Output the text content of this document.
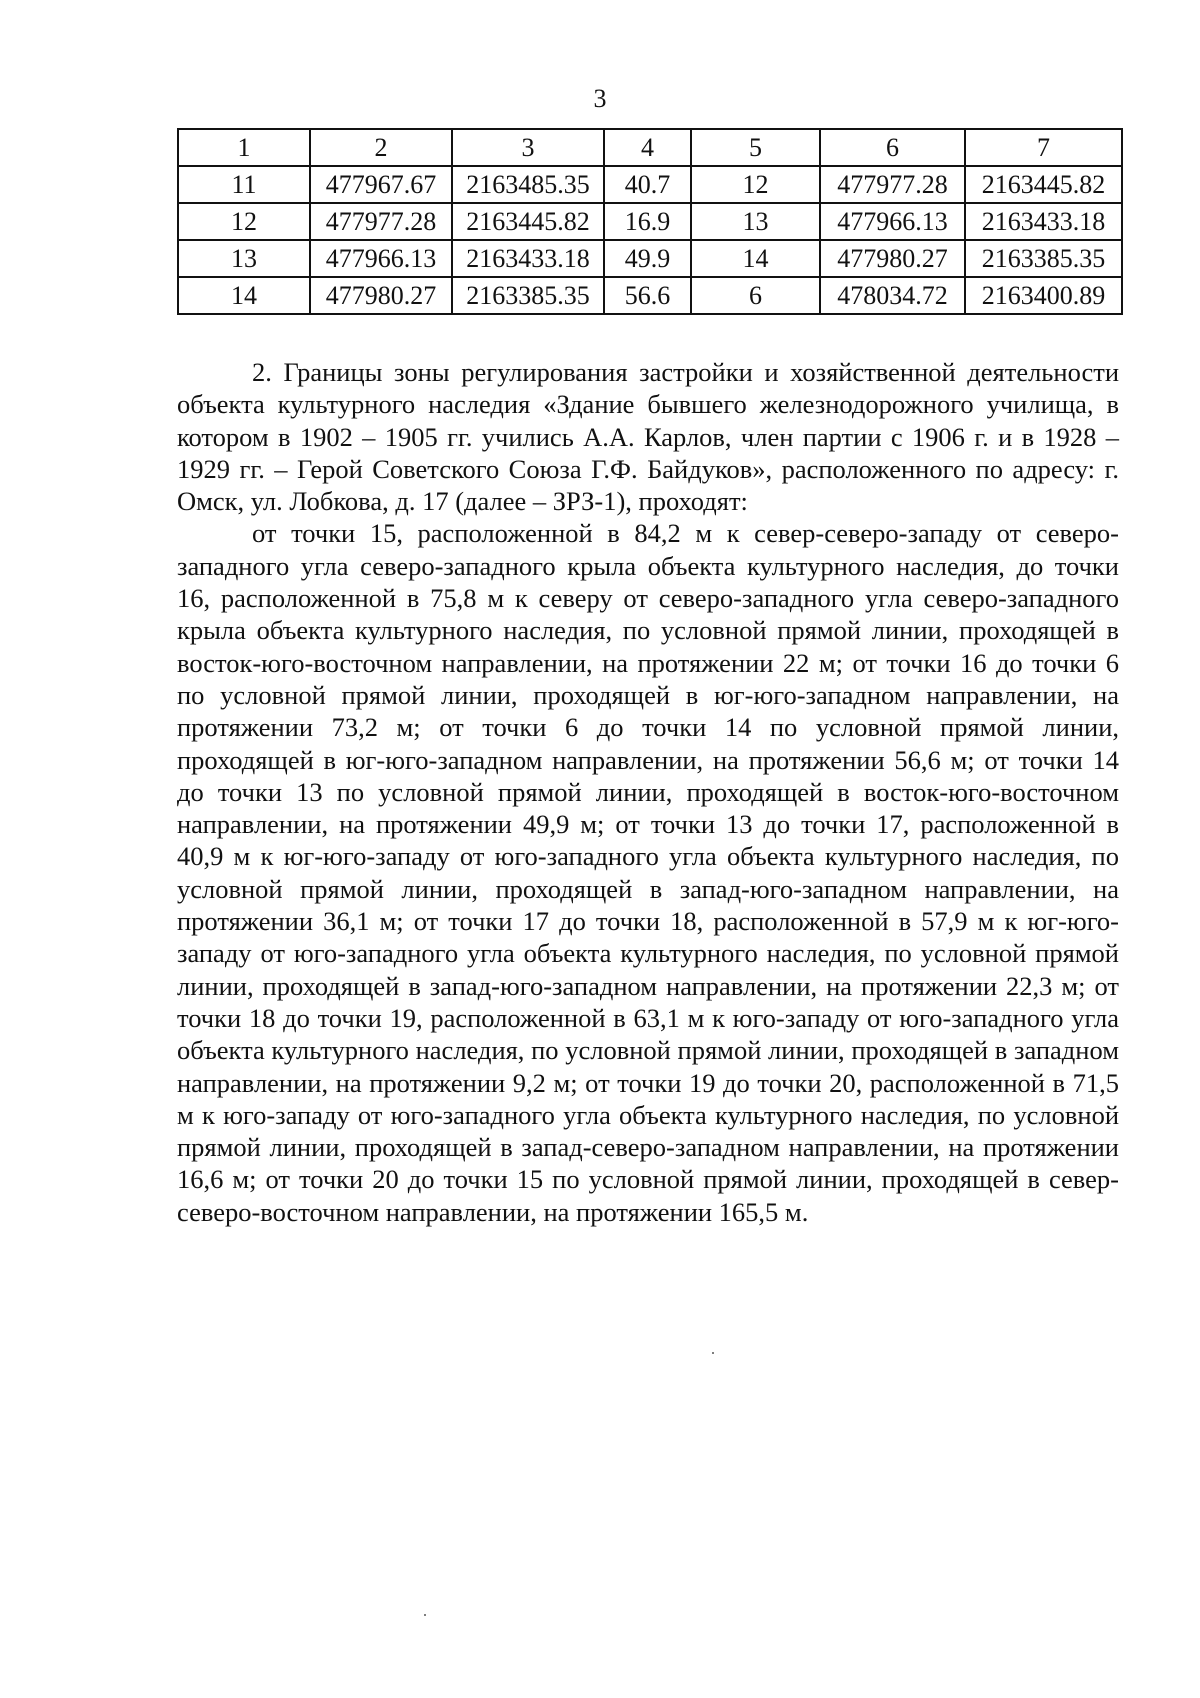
3
1	2	3	4	5	6	7
11	477967.67	2163485.35	40.7	12	477977.28	2163445.82
12	477977.28	2163445.82	16.9	13	477966.13	2163433.18
13	477966.13	2163433.18	49.9	14	477980.27	2163385.35
14	477980.27	2163385.35	56.6	6	478034.72	2163400.89

2. Границы зоны регулирования застройки и хозяйственной деятельности объекта культурного наследия «Здание бывшего железнодорожного училища, в котором в 1902 – 1905 гг. учились А.А. Карлов, член партии с 1906 г. и в 1928 – 1929 гг. – Герой Советского Союза Г.Ф. Байдуков», расположенного по адресу: г. Омск, ул. Лобкова, д. 17 (далее – ЗРЗ-1), проходят:

от точки 15, расположенной в 84,2 м к север-северо-западу от северо-западного угла северо-западного крыла объекта культурного наследия, до точки 16, расположенной в 75,8 м к северу от северо-западного угла северо-западного крыла объекта культурного наследия, по условной прямой линии, проходящей в восток-юго-восточном направлении, на протяжении 22 м; от точки 16 до точки 6 по условной прямой линии, проходящей в юг-юго-западном направлении, на протяжении 73,2 м; от точки 6 до точки 14 по условной прямой линии, проходящей в юг-юго-западном направлении, на протяжении 56,6 м; от точки 14 до точки 13 по условной прямой линии, проходящей в восток-юго-восточном направлении, на протяжении 49,9 м; от точки 13 до точки 17, расположенной в 40,9 м к юг-юго-западу от юго-западного угла объекта культурного наследия, по условной прямой линии, проходящей в запад-юго-западном направлении, на протяжении 36,1 м; от точки 17 до точки 18, расположенной в 57,9 м к юг-юго-западу от юго-западного угла объекта культурного наследия, по условной прямой линии, проходящей в запад-юго-западном направлении, на протяжении 22,3 м; от точки 18 до точки 19, расположенной в 63,1 м к юго-западу от юго-западного угла объекта культурного наследия, по условной прямой линии, проходящей в западном направлении, на протяжении 9,2 м; от точки 19 до точки 20, расположенной в 71,5 м к юго-западу от юго-западного угла объекта культурного наследия, по условной прямой линии, проходящей в запад-северо-западном направлении, на протяжении 16,6 м; от точки 20 до точки 15 по условной прямой линии, проходящей в север-северо-восточном направлении, на протяжении 165,5 м.
